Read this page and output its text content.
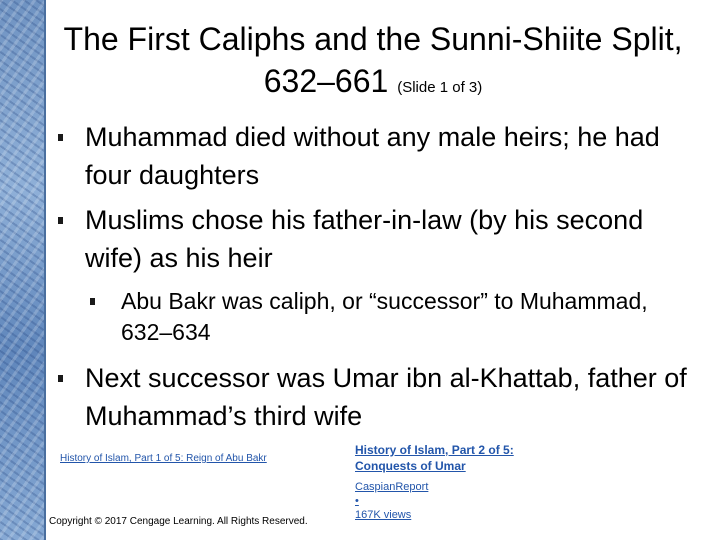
The First Caliphs and the Sunni-Shiite Split, 632–661 (Slide 1 of 3)
Muhammad died without any male heirs; he had four daughters
Muslims chose his father-in-law (by his second wife) as his heir
Abu Bakr was caliph, or “successor” to Muhammad, 632–634
Next successor was Umar ibn al-Khattab, father of Muhammad’s third wife
History of Islam, Part 1 of 5: Reign of Abu Bakr
Copyright © 2017 Cengage Learning. All Rights Reserved.
History of Islam, Part 2 of 5: Conquests of Umar
CaspianReport
•
167K views
